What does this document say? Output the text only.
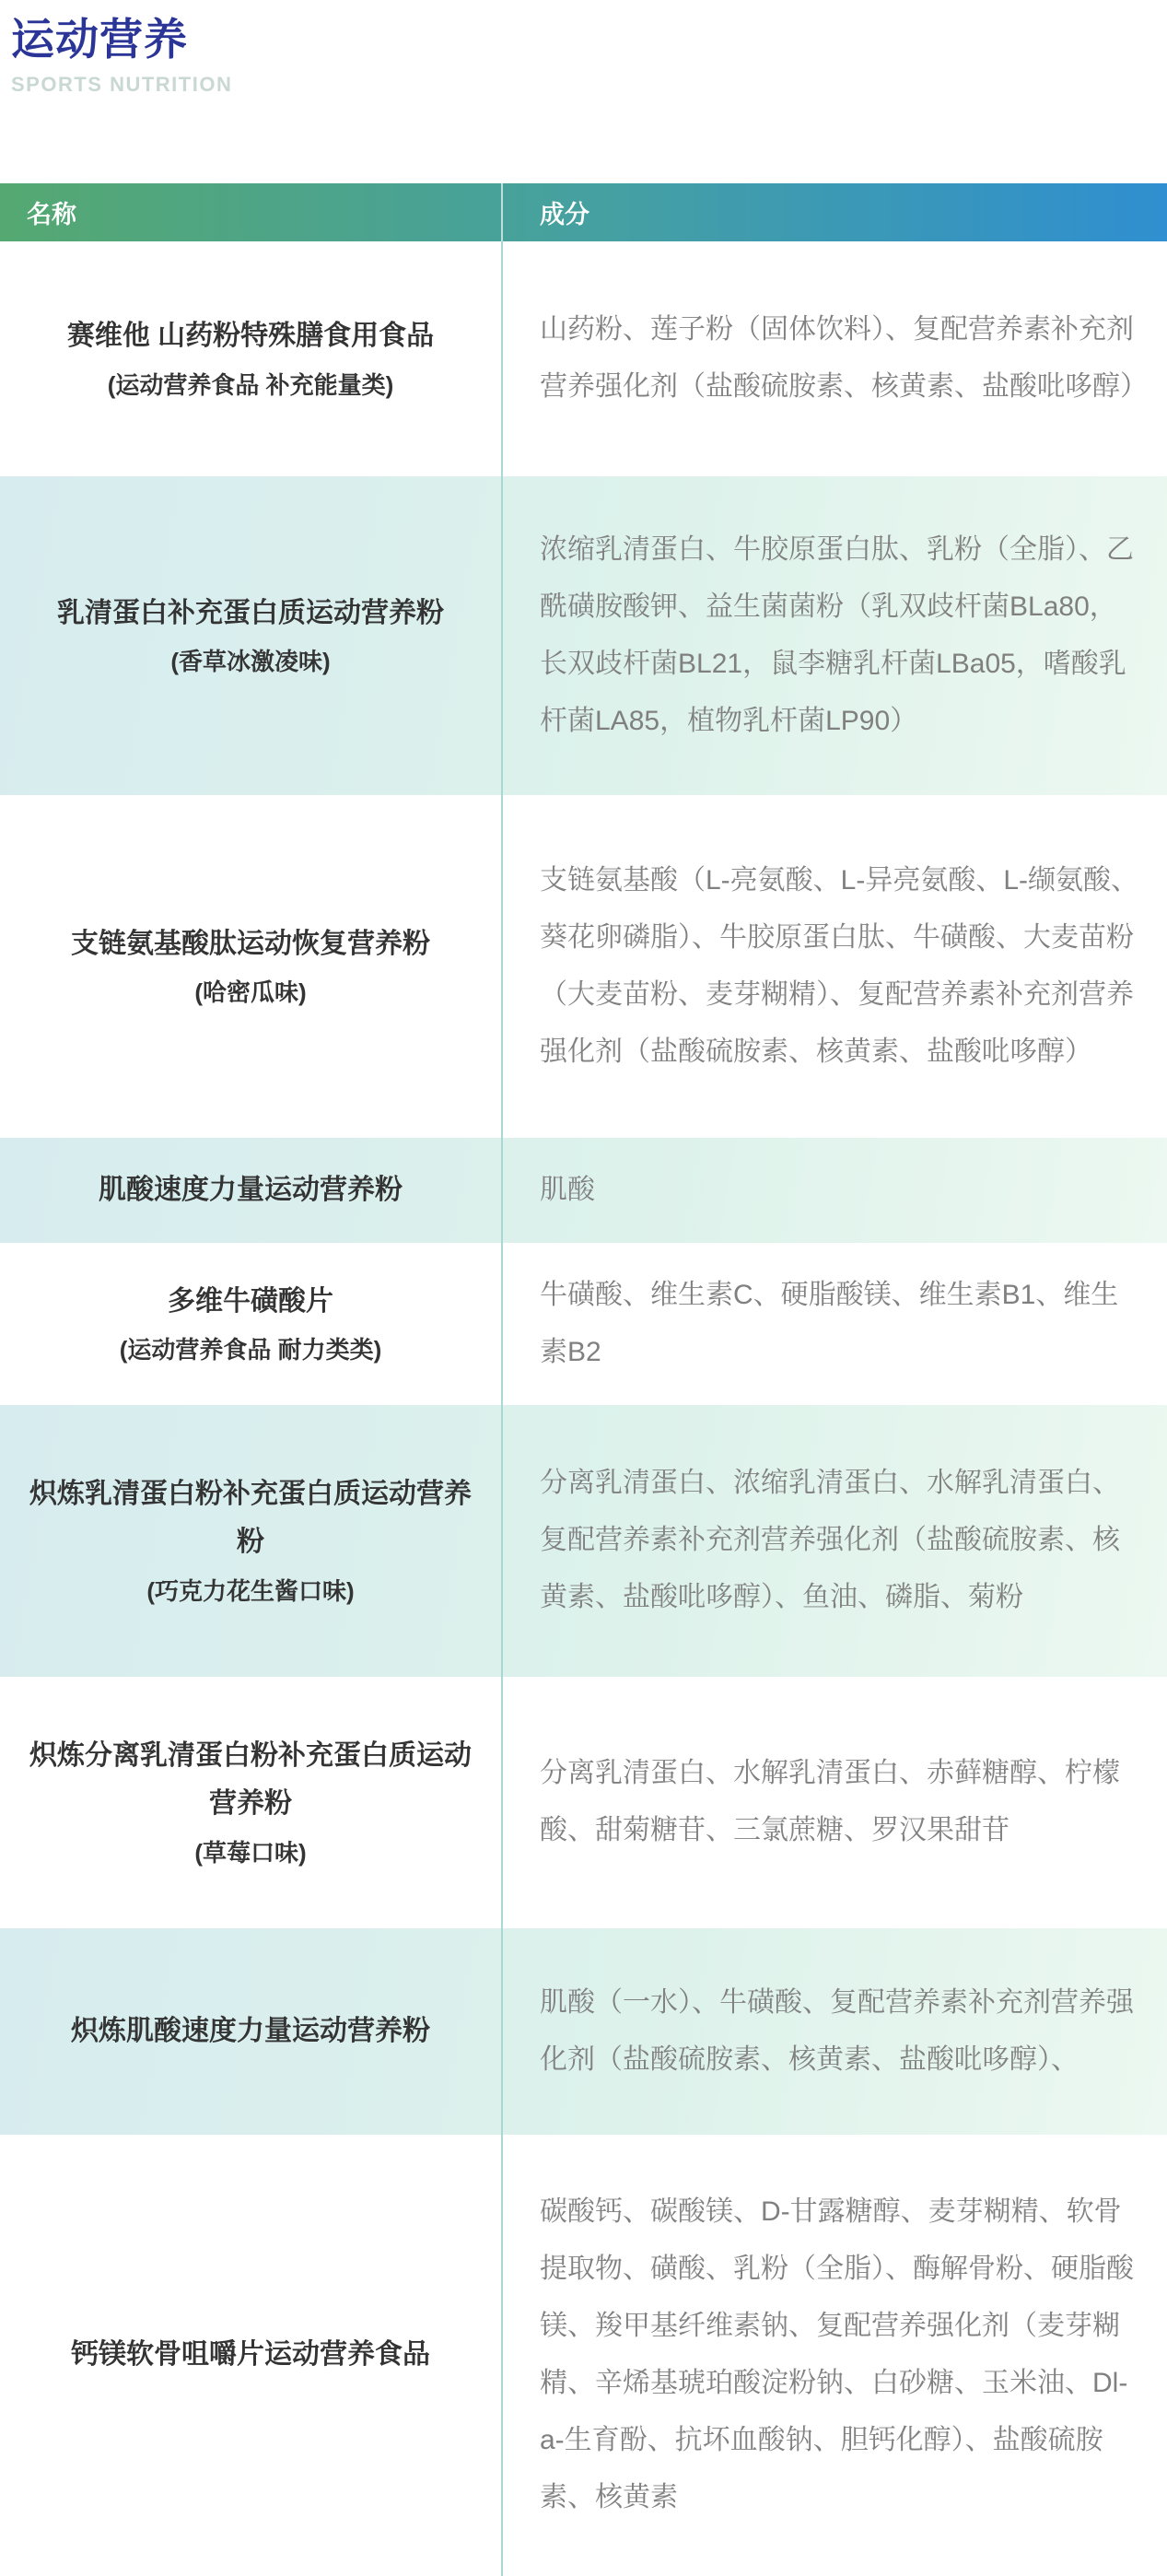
运动营养
SPORTS NUTRITION
名称	成分
赛维他 山药粉特殊膳食用食品
(运动营养食品 补充能量类)
山药粉、莲子粉（固体饮料）、复配营养素补充剂营养强化剂（盐酸硫胺素、核黄素、盐酸吡哆醇）
乳清蛋白补充蛋白质运动营养粉
(香草冰激凌味)
浓缩乳清蛋白、牛胶原蛋白肽、乳粉（全脂）、乙酰磺胺酸钾、益生菌菌粉（乳双歧杆菌BLa80，长双歧杆菌BL21，鼠李糖乳杆菌LBa05，嗜酸乳杆菌LA85，植物乳杆菌LP90）
支链氨基酸肽运动恢复营养粉
(哈密瓜味)
支链氨基酸（L-亮氨酸、L-异亮氨酸、L-缬氨酸、葵花卵磷脂）、牛胶原蛋白肽、牛磺酸、大麦苗粉（大麦苗粉、麦芽糊精）、复配营养素补充剂营养强化剂（盐酸硫胺素、核黄素、盐酸吡哆醇）
肌酸速度力量运动营养粉	肌酸
多维牛磺酸片
(运动营养食品 耐力类类)
牛磺酸、维生素C、硬脂酸镁、维生素B1、维生素B2
炽炼乳清蛋白粉补充蛋白质运动营养粉
(巧克力花生酱口味)
分离乳清蛋白、浓缩乳清蛋白、水解乳清蛋白、复配营养素补充剂营养强化剂（盐酸硫胺素、核黄素、盐酸吡哆醇）、鱼油、磷脂、菊粉
炽炼分离乳清蛋白粉补充蛋白质运动营养粉
(草莓口味)
分离乳清蛋白、水解乳清蛋白、赤藓糖醇、柠檬酸、甜菊糖苷、三氯蔗糖、罗汉果甜苷
炽炼肌酸速度力量运动营养粉
肌酸（一水）、牛磺酸、复配营养素补充剂营养强化剂（盐酸硫胺素、核黄素、盐酸吡哆醇）、
钙镁软骨咀嚼片运动营养食品
碳酸钙、碳酸镁、D-甘露糖醇、麦芽糊精、软骨提取物、磺酸、乳粉（全脂）、酶解骨粉、硬脂酸镁、羧甲基纤维素钠、复配营养强化剂（麦芽糊精、辛烯基琥珀酸淀粉钠、白砂糖、玉米油、Dl-a-生育酚、抗坏血酸钠、胆钙化醇）、盐酸硫胺素、核黄素
